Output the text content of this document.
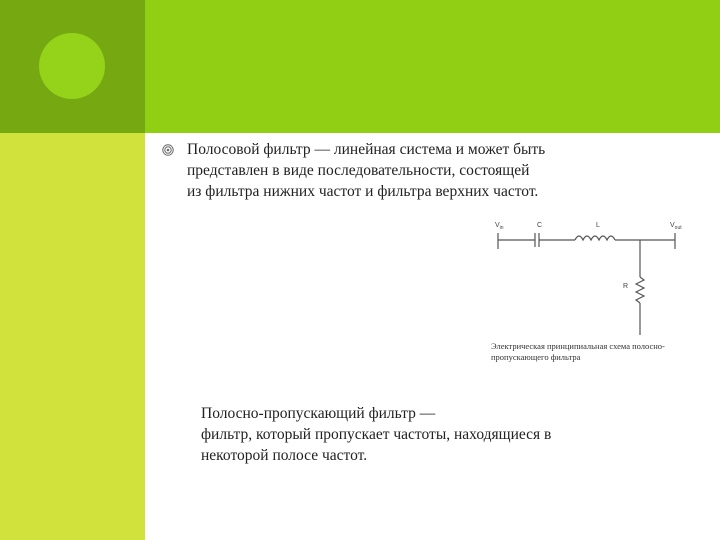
Полосовой фильтр — линейная система и может быть
представлен в виде последовательности, состоящей
из фильтра нижних частот и фильтра верхних частот.
$V_{in}$	C	L	$V_{out}$
R
Электрическая принципиальная схема полосно-
пропускающего фильтра
Полосно-пропускающий фильтр —
фильтр, который пропускает частоты, находящиеся в
некоторой полосе частот.
